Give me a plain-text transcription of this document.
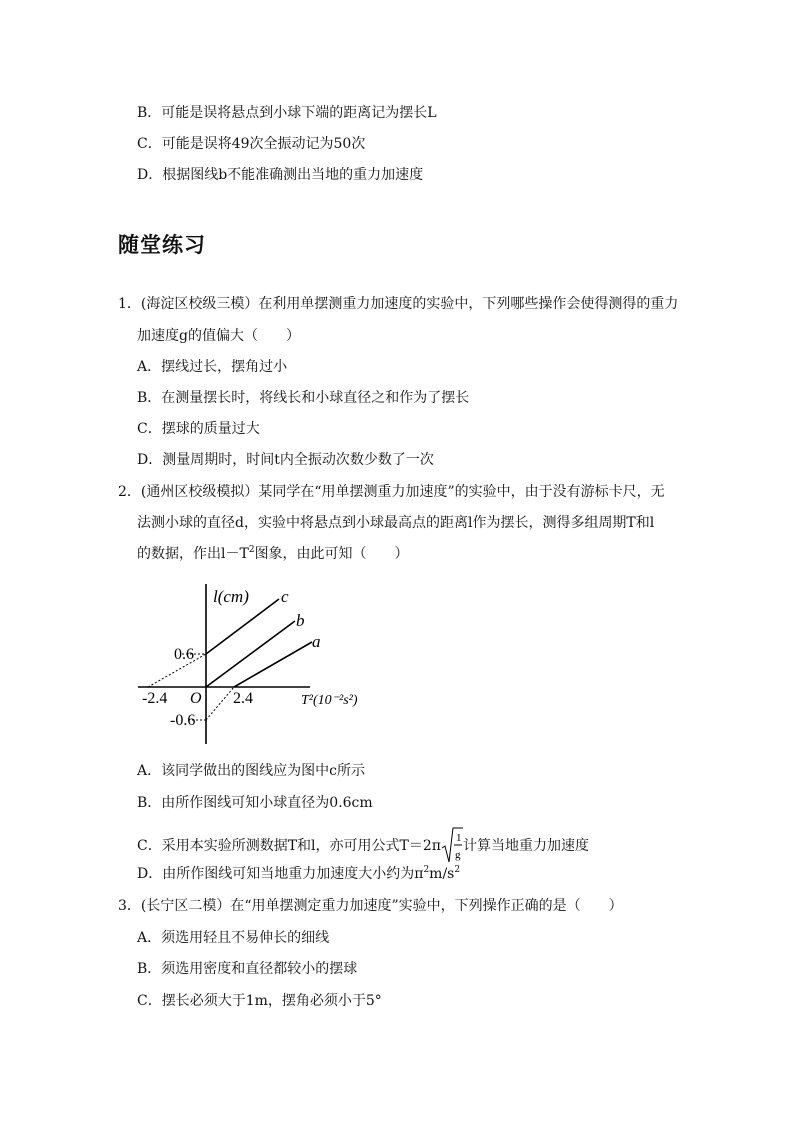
B．可能是误将悬点到小球下端的距离记为摆长L
C．可能是误将49次全振动记为50次
D．根据图线b不能准确测出当地的重力加速度
随堂练习
1．(海淀区校级三模）在利用单摆测重力加速度的实验中，下列哪些操作会使得测得的重力
加速度g的值偏大（　　）
A．摆线过长，摆角过小
B．在测量摆长时，将线长和小球直径之和作为了摆长
C．摆球的质量过大
D．测量周期时，时间t内全振动次数少数了一次
2．(通州区校级模拟）某同学在“用单摆测重力加速度”的实验中，由于没有游标卡尺，无
法测小球的直径d，实验中将悬点到小球最高点的距离l作为摆长，测得多组周期T和l
的数据，作出$l-T^2$图象，由此可知（　　）
l(cm)
T²(10⁻²s²)
O
0.6
-0.6
-2.4	2.4
c
b
a
A．该同学做出的图线应为图中c所示
B．由所作图线可知小球直径为0.6cm
C．采用本实验所测数据T和l，亦可用公式T＝2π 1
g
计算当地重力加速度
D．由所作图线可知当地重力加速度大小约为$\pi^2m/s^2$
3．(长宁区二模）在“用单摆测定重力加速度”实验中，下列操作正确的是（　　）
A．须选用轻且不易伸长的细线
B．须选用密度和直径都较小的摆球
C．摆长必须大于1m，摆角必须小于5°
